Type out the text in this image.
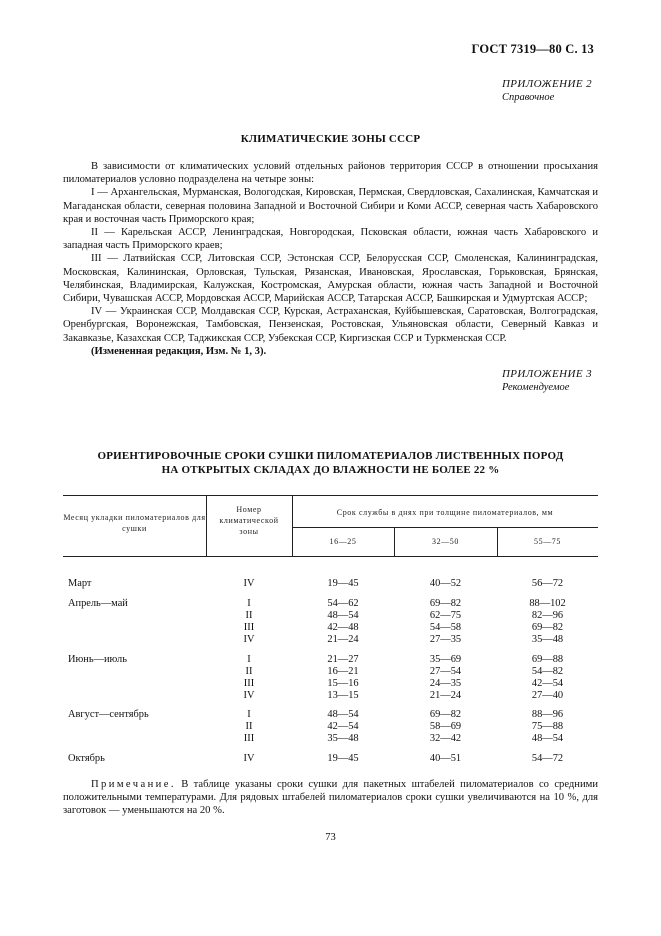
ГОСТ 7319—80 С. 13
ПРИЛОЖЕНИЕ 2
Справочное
КЛИМАТИЧЕСКИЕ ЗОНЫ СССР

В зависимости от климатических условий отдельных районов территория СССР в отношении просыхания пиломатериалов условно подразделена на четыре зоны:

I — Архангельская, Мурманская, Вологодская, Кировская, Пермская, Свердловская, Сахалинская, Камчатская и Магаданская области, северная половина Западной и Восточной Сибири и Коми АССР, северная часть Хабаровского края и восточная часть Приморского края;

II — Карельская АССР, Ленинградская, Новгородская, Псковская области, южная часть Хабаровского и западная часть Приморского краев;

III — Латвийская ССР, Литовская ССР, Эстонская ССР, Белорусская ССР, Смоленская, Калининградская, Московская, Калининская, Орловская, Тульская, Рязанская, Ивановская, Ярославская, Горьковская, Брянская, Челябинская, Владимирская, Калужская, Костромская, Амурская области, южная часть Западной и Восточной Сибири, Чувашская АССР, Мордовская АССР, Марийская АССР, Татарская АССР, Башкирская и Удмуртская АССР;

IV — Украинская ССР, Молдавская ССР, Курская, Астраханская, Куйбышевская, Саратовская, Волгоградская, Оренбургская, Воронежская, Тамбовская, Пензенская, Ростовская, Ульяновская области, Северный Кавказ и Закавказье, Казахская ССР, Таджикская ССР, Узбекская ССР, Киргизская ССР и Туркменская ССР.

(Измененная редакция, Изм. № 1, 3).

ПРИЛОЖЕНИЕ 3
Рекомендуемое
ОРИЕНТИРОВОЧНЫЕ СРОКИ СУШКИ ПИЛОМАТЕРИАЛОВ ЛИСТВЕННЫХ ПОРОД
НА ОТКРЫТЫХ СКЛАДАХ ДО ВЛАЖНОСТИ НЕ БОЛЕЕ 22 %
Месяц укладки пиломатериалов для сушки
Номер климатической зоны
Срок службы в днях при толщине пиломатериалов, мм
16—25	32—50	55—75
Март	IV	19—45	40—52	56—72
Апрель—май	I	54—62	69—82	88—102
II	48—54	62—75	82—96
III	42—48	54—58	69—82
IV	21—24	27—35	35—48
Июнь—июль	I	21—27	35—69	69—88
II	16—21	27—54	54—82
III	15—16	24—35	42—54
IV	13—15	21—24	27—40
Август—сентябрь	I	48—54	69—82	88—96
II	42—54	58—69	75—88
III	35—48	32—42	48—54
Октябрь	IV	19—45	40—51	54—72

Примечание. В таблице указаны сроки сушки для пакетных штабелей пиломатериалов со средними положительными температурами. Для рядовых штабелей пиломатериалов сроки сушки увеличиваются на 10 %, для заготовок — уменьшаются на 20 %.

73
